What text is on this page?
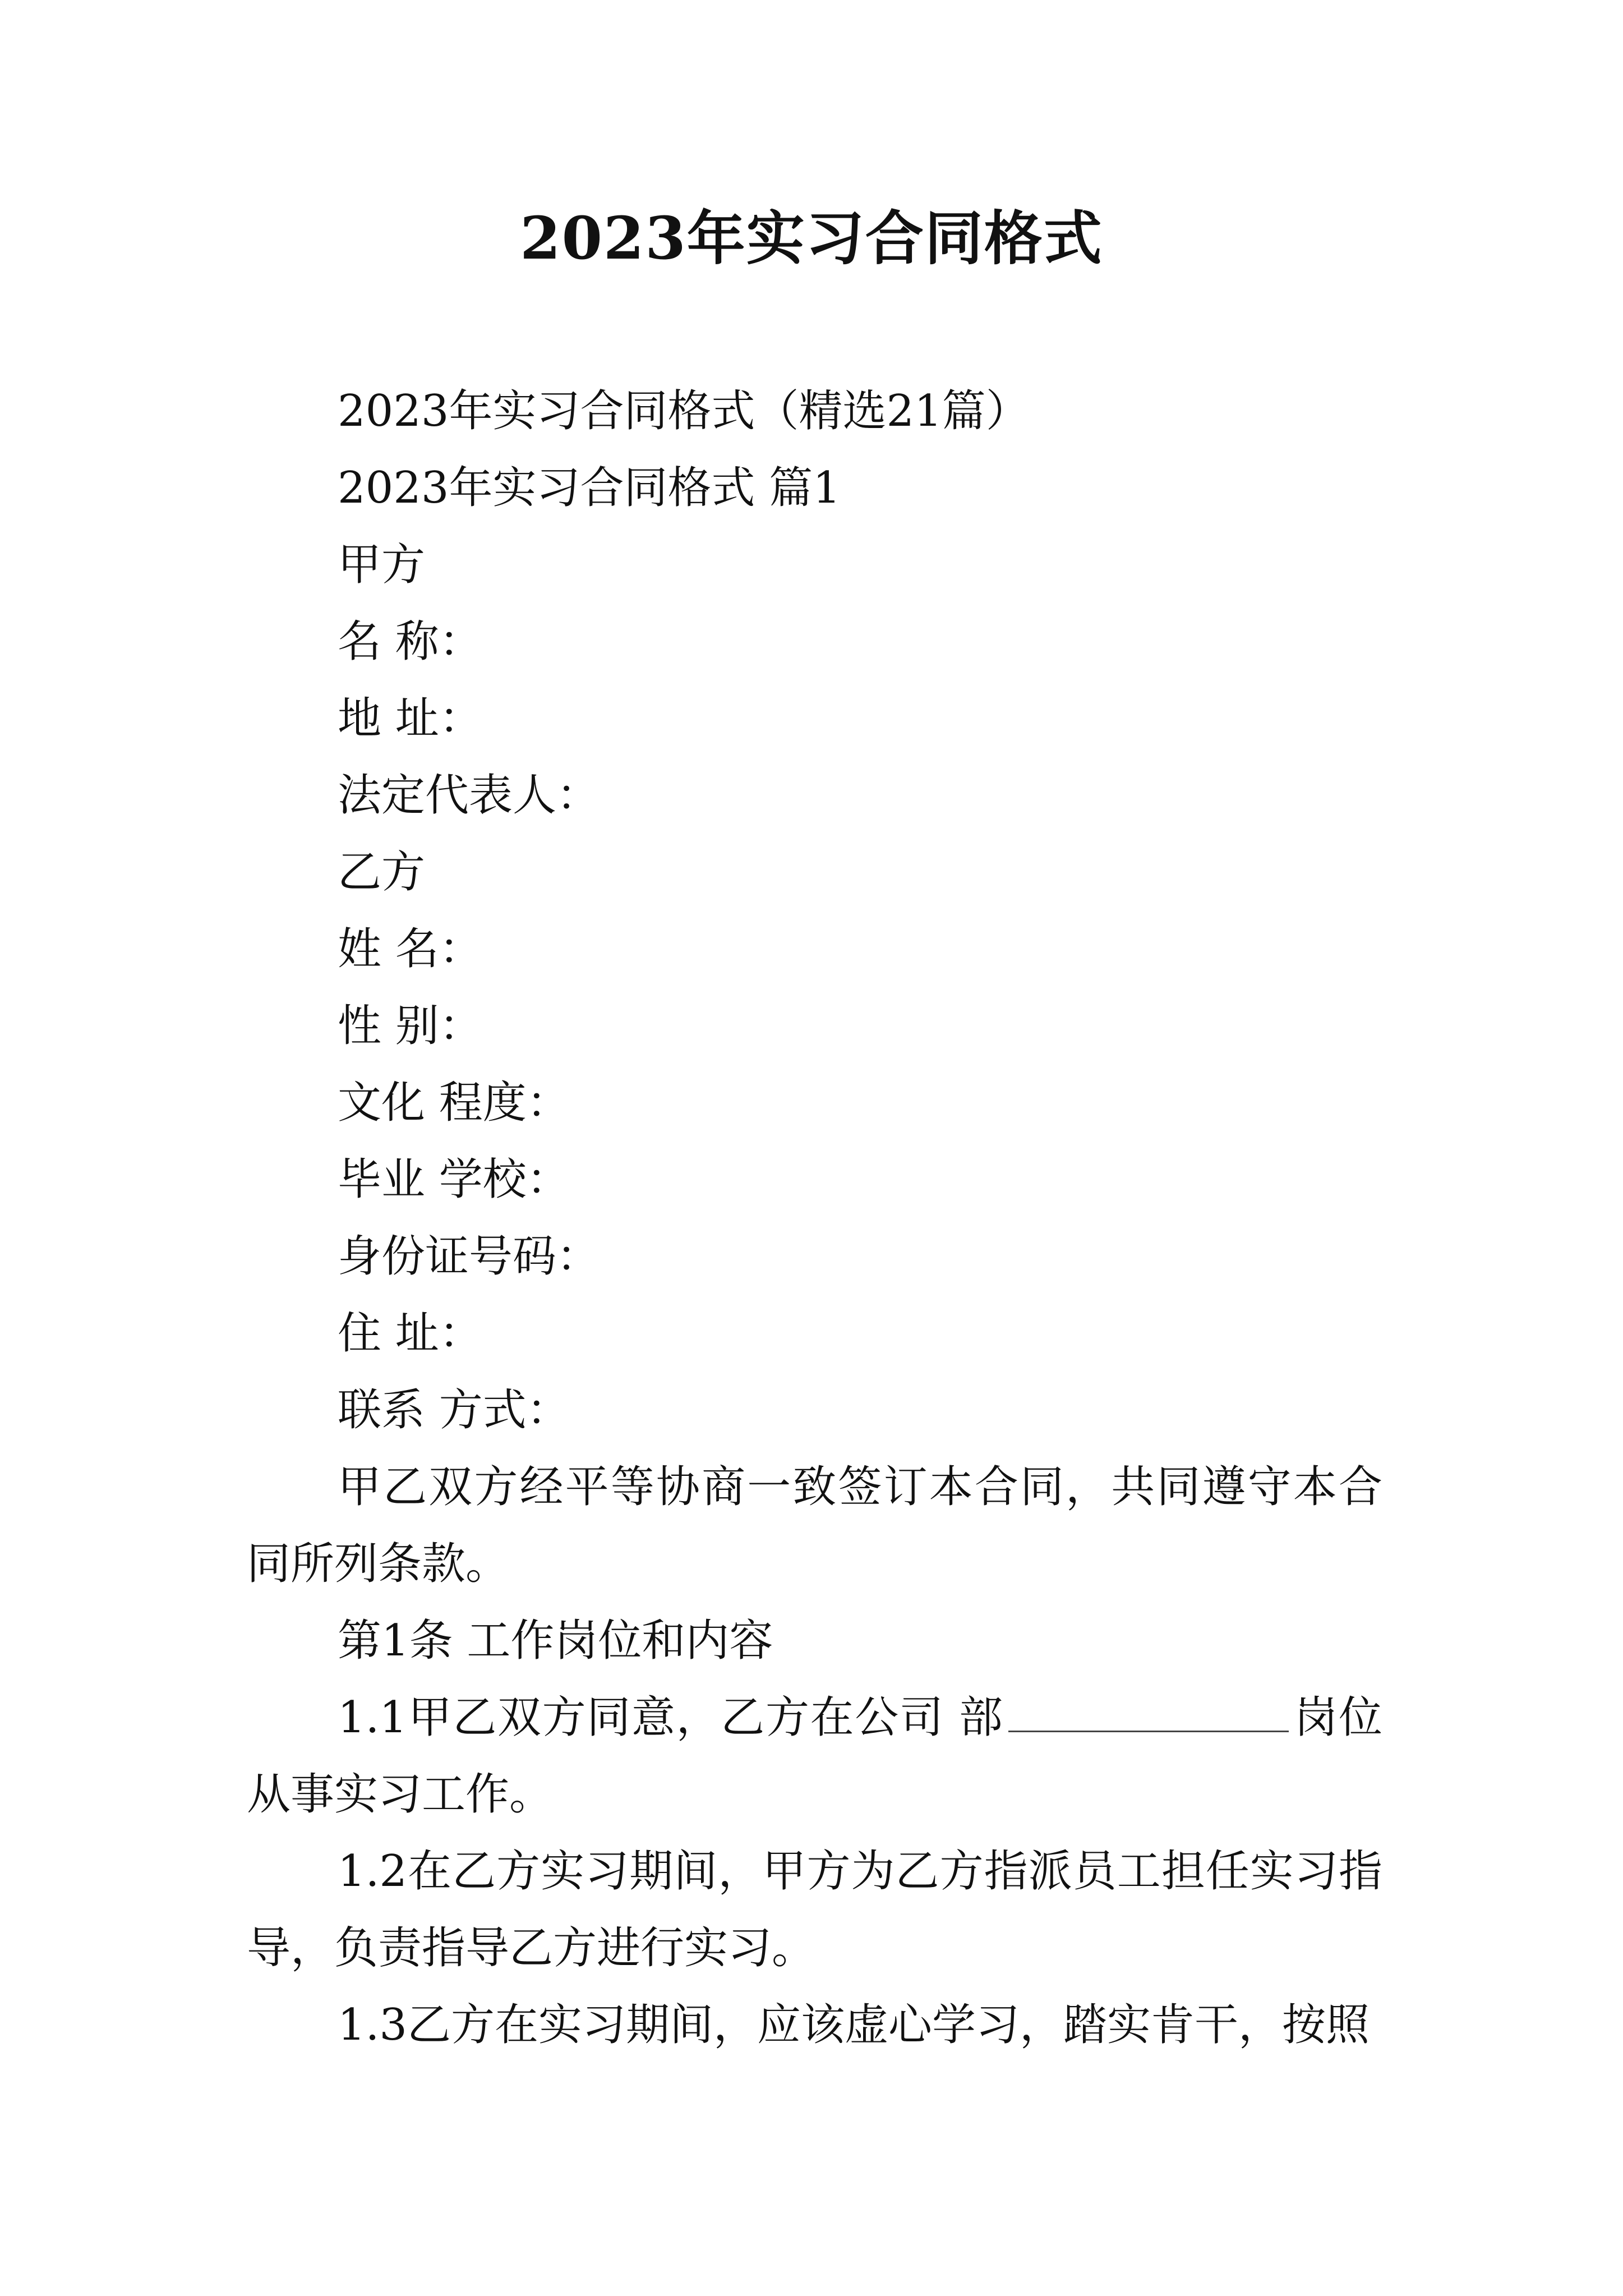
2023年实习合同格式

2023年实习合同格式（精选21篇）

2023年实习合同格式 篇1

甲方

名 称：

地 址：

法定代表人：

乙方

姓 名：

性 别：

文化 程度：

毕业 学校：

身份证号码：

住 址：

联系 方式：

甲乙双方经平等协商一致签订本合同，共同遵守本合同所列条款。

第1条 工作岗位和内容

1.1甲乙双方同意，乙方在公司 部	岗位从事实习工作。

1.2在乙方实习期间，甲方为乙方指派员工担任实习指导，负责指导乙方进行实习。

1.3乙方在实习期间，应该虚心学习，踏实肯干，按照
